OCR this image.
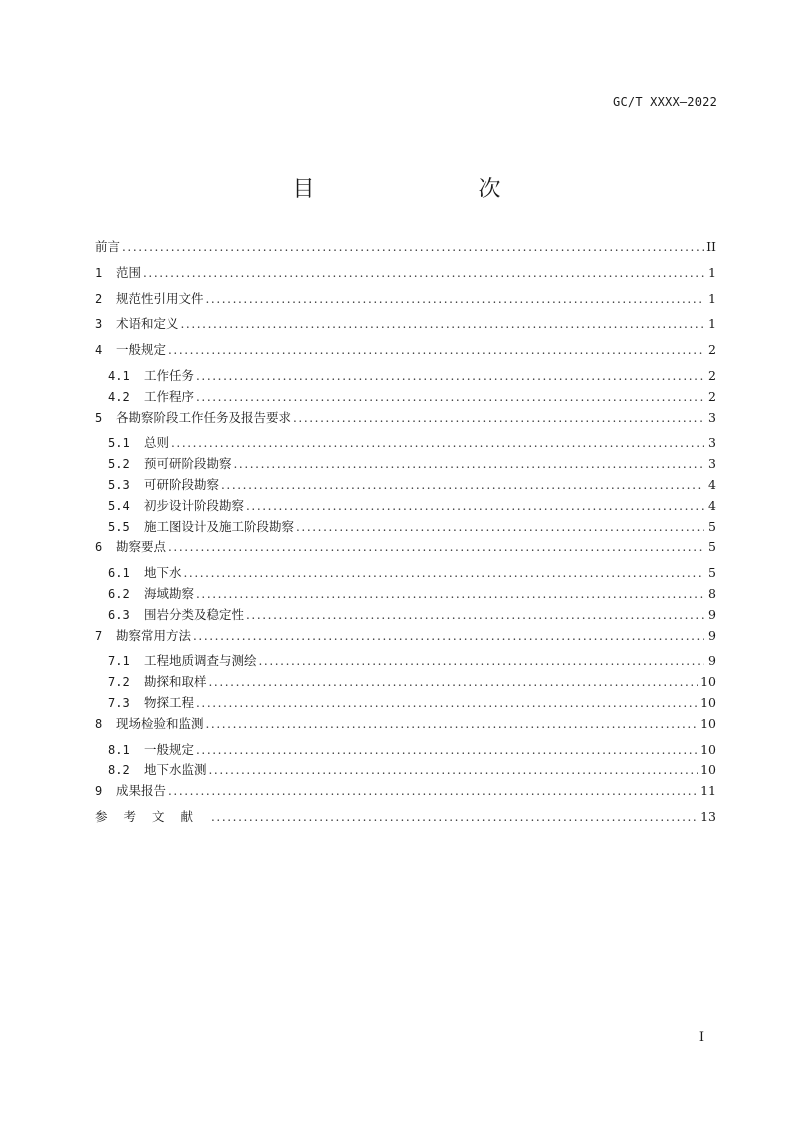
GC/T XXXX—2022
目　　次
前言 .....	II
1	范围 .....	1
2	规范性引用文件 .....	1
3	术语和定义 .....	1
4	一般规定 .....	2
4.1	工作任务 .....	2
4.2	工作程序 .....	2
5	各勘察阶段工作任务及报告要求 .....	3
5.1	总则 .....	3
5.2	预可研阶段勘察 .....	3
5.3	可研阶段勘察 .....	4
5.4	初步设计阶段勘察 .....	4
5.5	施工图设计及施工阶段勘察 .....	5
6	勘察要点 .....	5
6.1	地下水 .....	5
6.2	海域勘察 .....	8
6.3	围岩分类及稳定性 .....	9
7	勘察常用方法 .....	9
7.1	工程地质调查与测绘 .....	9
7.2	勘探和取样 .....	10
7.3	物探工程 .....	10
8	现场检验和监测 .....	10
8.1	一般规定 .....	10
8.2	地下水监测 .....	10
9	成果报告 .....	11
参考文献 .....	13
I
